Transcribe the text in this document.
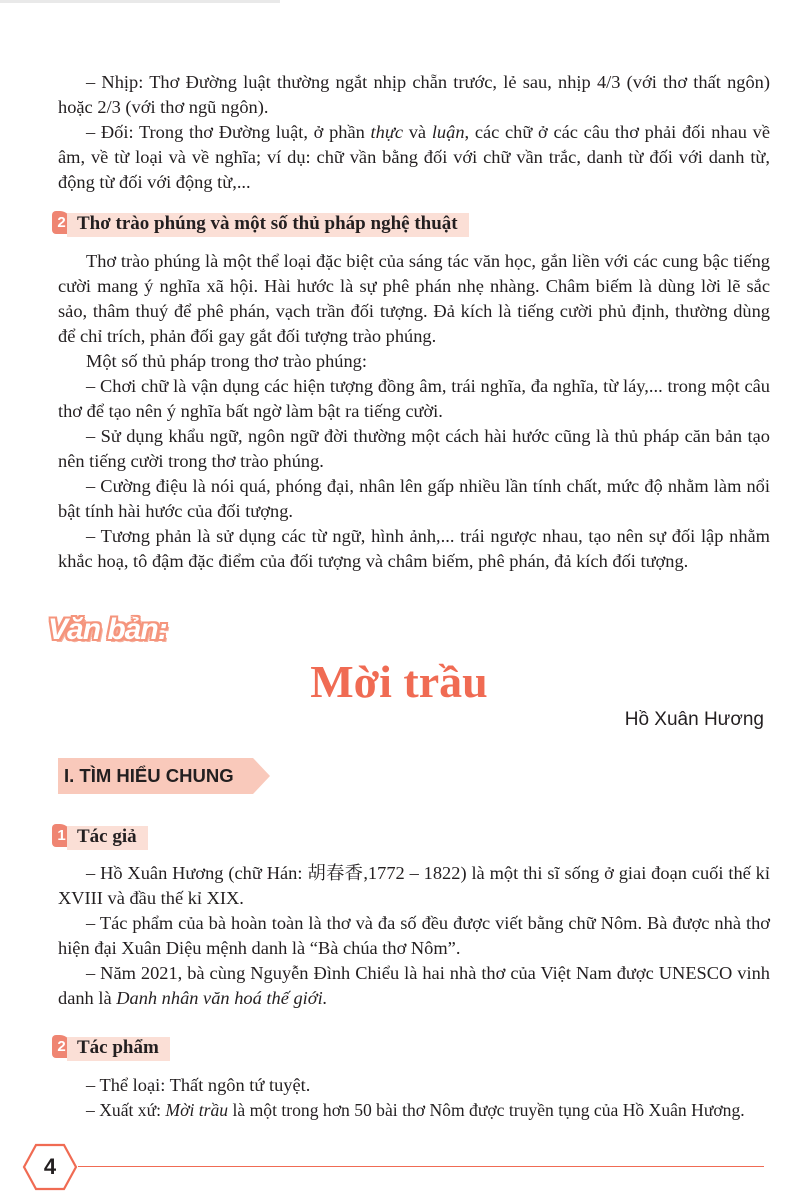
– Nhịp: Thơ Đường luật thường ngắt nhịp chẵn trước, lẻ sau, nhịp 4/3 (với thơ thất ngôn) hoặc 2/3 (với thơ ngũ ngôn).

– Đối: Trong thơ Đường luật, ở phần thực và luận, các chữ ở các câu thơ phải đối nhau về âm, về từ loại và về nghĩa; ví dụ: chữ vần bằng đối với chữ vần trắc, danh từ đối với danh từ, động từ đối với động từ,...

2 Thơ trào phúng và một số thủ pháp nghệ thuật

Thơ trào phúng là một thể loại đặc biệt của sáng tác văn học, gắn liền với các cung bậc tiếng cười mang ý nghĩa xã hội. Hài hước là sự phê phán nhẹ nhàng. Châm biếm là dùng lời lẽ sắc sảo, thâm thuý để phê phán, vạch trần đối tượng. Đả kích là tiếng cười phủ định, thường dùng để chỉ trích, phản đối gay gắt đối tượng trào phúng.

Một số thủ pháp trong thơ trào phúng:

– Chơi chữ là vận dụng các hiện tượng đồng âm, trái nghĩa, đa nghĩa, từ láy,... trong một câu thơ để tạo nên ý nghĩa bất ngờ làm bật ra tiếng cười.

– Sử dụng khẩu ngữ, ngôn ngữ đời thường một cách hài hước cũng là thủ pháp căn bản tạo nên tiếng cười trong thơ trào phúng.

– Cường điệu là nói quá, phóng đại, nhân lên gấp nhiều lần tính chất, mức độ nhằm làm nổi bật tính hài hước của đối tượng.

– Tương phản là sử dụng các từ ngữ, hình ảnh,... trái ngược nhau, tạo nên sự đối lập nhằm khắc hoạ, tô đậm đặc điểm của đối tượng và châm biếm, phê phán, đả kích đối tượng.

Văn bản:
Mời trầu
Hồ Xuân Hương
I. TÌM HIỂU CHUNG
1 Tác giả

– Hồ Xuân Hương (chữ Hán: 胡春香,1772 – 1822) là một thi sĩ sống ở giai đoạn cuối thế kỉ XVIII và đầu thế kỉ XIX.

– Tác phẩm của bà hoàn toàn là thơ và đa số đều được viết bằng chữ Nôm. Bà được nhà thơ hiện đại Xuân Diệu mệnh danh là “Bà chúa thơ Nôm”.

– Năm 2021, bà cùng Nguyễn Đình Chiểu là hai nhà thơ của Việt Nam được UNESCO vinh danh là Danh nhân văn hoá thế giới.

2 Tác phẩm

– Thể loại: Thất ngôn tứ tuyệt.

– Xuất xứ: Mời trầu là một trong hơn 50 bài thơ Nôm được truyền tụng của Hồ Xuân Hương.

4
